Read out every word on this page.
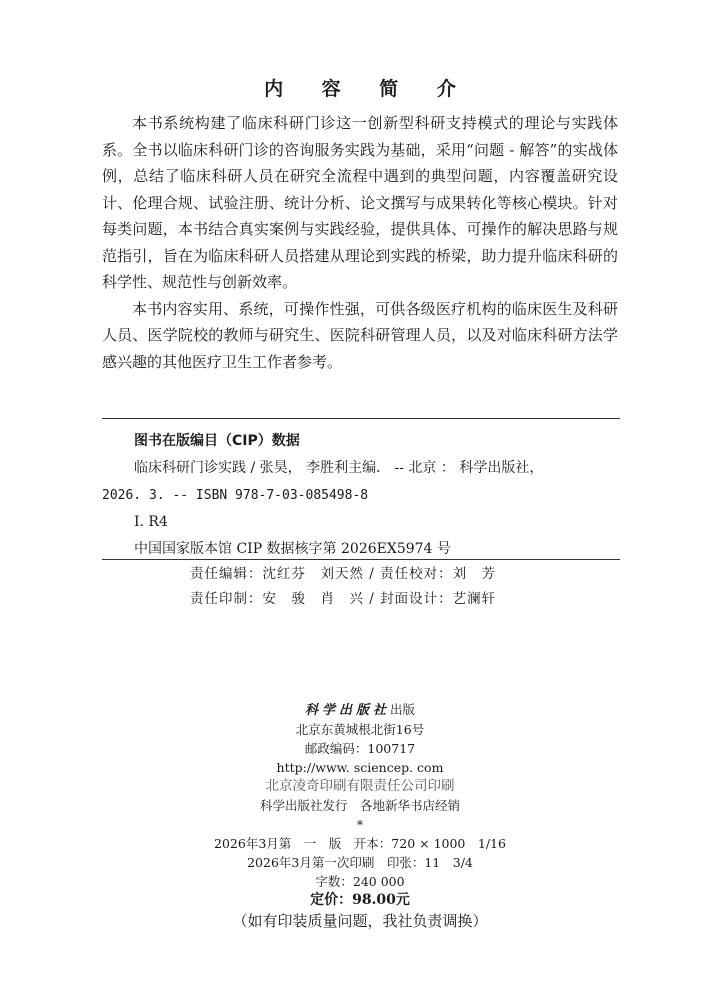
内 容 简 介

本书系统构建了临床科研门诊这一创新型科研支持模式的理论与实践体系。全书以临床科研门诊的咨询服务实践为基础，采用“问题 - 解答”的实战体例，总结了临床科研人员在研究全流程中遇到的典型问题，内容覆盖研究设计、伦理合规、试验注册、统计分析、论文撰写与成果转化等核心模块。针对每类问题，本书结合真实案例与实践经验，提供具体、可操作的解决思路与规范指引，旨在为临床科研人员搭建从理论到实践的桥梁，助力提升临床科研的科学性、规范性与创新效率。

本书内容实用、系统，可操作性强，可供各级医疗机构的临床医生及科研人员、医学院校的教师与研究生、医院科研管理人员，以及对临床科研方法学感兴趣的其他医疗卫生工作者参考。

图书在版编目（CIP）数据
临床科研门诊实践 / 张昊， 李胜利主编． -- 北京 ： 科学出版社，
2026. 3. -- ISBN 978-7-03-085498-8
Ⅰ. R4
中国国家版本馆 CIP 数据核字第 2026EX5974 号
责任编辑：沈红芬　刘天然 / 责任校对：刘　芳
责任印制：安　骏　肖　兴 / 封面设计：艺澜轩
科学出版社出版
北京东黄城根北街16号
邮政编码：100717
http://www. sciencep. com
北京凌奇印刷有限责任公司印刷
科学出版社发行　各地新华书店经销
*
2026年3月第　一　版　开本：720 × 1000　1/16
2026年3月第一次印刷　印张：11　3/4
字数：240 000
定价：98.00元
（如有印装质量问题，我社负责调换）
